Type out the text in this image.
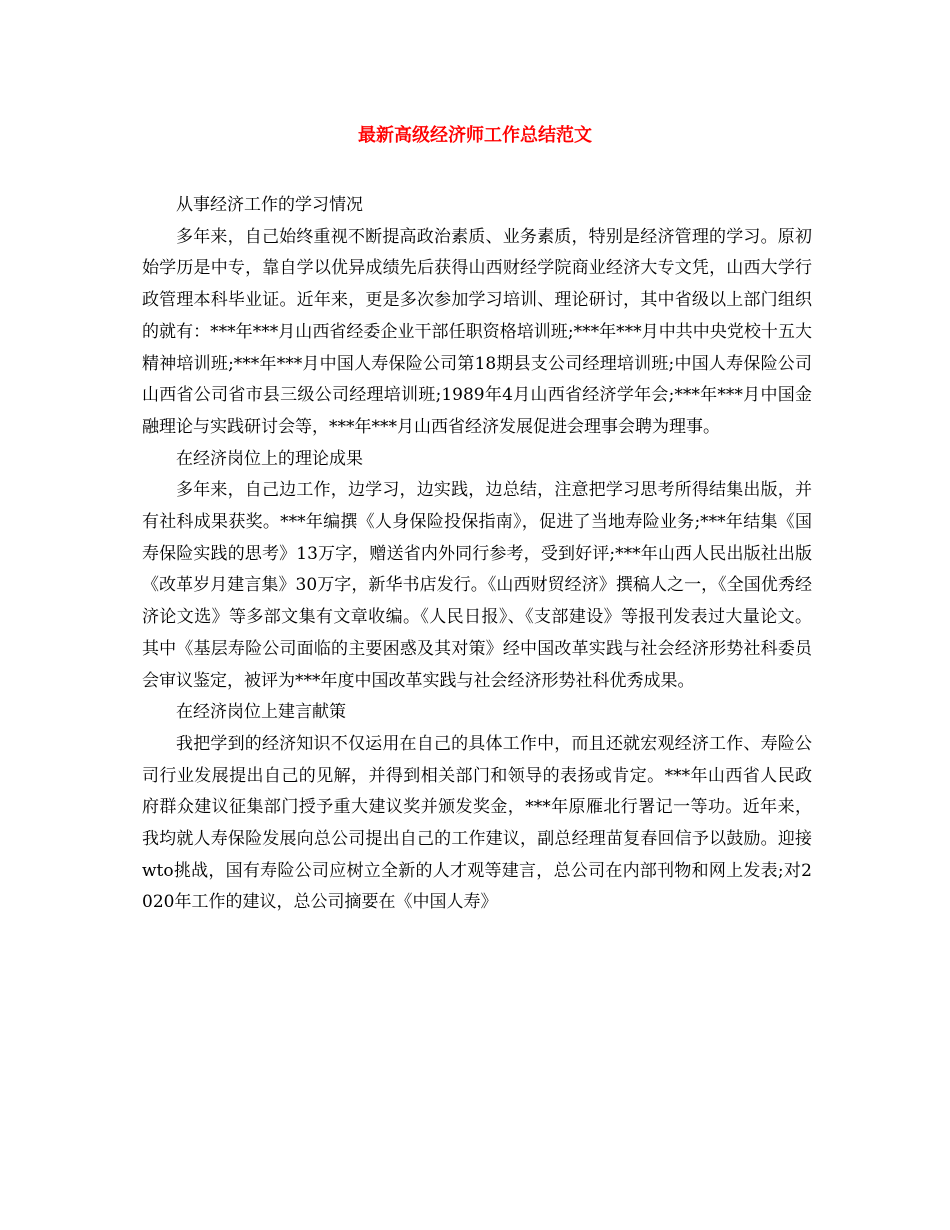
最新高级经济师工作总结范文

从事经济工作的学习情况

多年来，自己始终重视不断提高政治素质、业务素质，特别是经济管理的学习。原初始学历是中专，靠自学以优异成绩先后获得山西财经学院商业经济大专文凭，山西大学行政管理本科毕业证。近年来，更是多次参加学习培训、理论研讨，其中省级以上部门组织的就有：***年***月山西省经委企业干部任职资格培训班;***年***月中共中央党校十五大精神培训班;***年***月中国人寿保险公司第18期县支公司经理培训班;中国人寿保险公司山西省公司省市县三级公司经理培训班;1989年4月山西省经济学年会;***年***月中国金融理论与实践研讨会等，***年***月山西省经济发展促进会理事会聘为理事。

在经济岗位上的理论成果

多年来，自己边工作，边学习，边实践，边总结，注意把学习思考所得结集出版，并有社科成果获奖。***年编撰《人身保险投保指南》，促进了当地寿险业务;***年结集《国寿保险实践的思考》13万字，赠送省内外同行参考，受到好评;***年山西人民出版社出版《改革岁月建言集》30万字，新华书店发行。《山西财贸经济》撰稿人之一，《全国优秀经济论文选》等多部文集有文章收编。《人民日报》、《支部建设》等报刊发表过大量论文。其中《基层寿险公司面临的主要困惑及其对策》经中国改革实践与社会经济形势社科委员会审议鉴定，被评为***年度中国改革实践与社会经济形势社科优秀成果。

在经济岗位上建言献策

我把学到的经济知识不仅运用在自己的具体工作中，而且还就宏观经济工作、寿险公司行业发展提出自己的见解，并得到相关部门和领导的表扬或肯定。***年山西省人民政府群众建议征集部门授予重大建议奖并颁发奖金，***年原雁北行署记一等功。近年来，我均就人寿保险发展向总公司提出自己的工作建议，副总经理苗复春回信予以鼓励。迎接wto挑战，国有寿险公司应树立全新的人才观等建言，总公司在内部刊物和网上发表;对2020年工作的建议，总公司摘要在《中国人寿》
